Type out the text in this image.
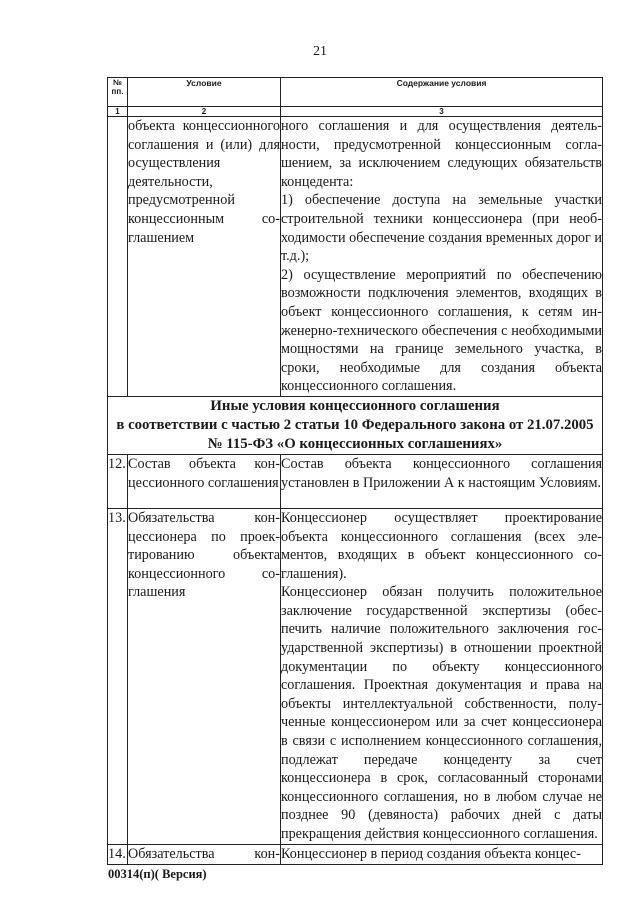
21
№
пп.	Условие	Содержание условия
1	2	3

	объекта концессионного соглашения и (или) для осуществления деятельности, предусмотренной концессионным соглашением	ного соглашения и для осуществления деятельности, предусмотренной концессионным соглашением, за исключением следующих обязательств концедента:
1) обеспечение доступа на земельные участки строительной техники концессионера (при необходимости обеспечение создания временных дорог и т.д.);
2) осуществление мероприятий по обеспечению возможности подключения элементов, входящих в объект концессионного соглашения, к сетям инженерно-технического обеспечения с необходимыми мощностями на границе земельного участка, в сроки, необходимые для создания объекта концессионного соглашения.

Иные условия концессионного соглашения
в соответствии с частью 2 статьи 10 Федерального закона от 21.07.2005
№ 115-ФЗ «О концессионных соглашениях»		

12.	Состав объекта концессионного соглашения	Состав объекта концессионного соглашения установлен в Приложении А к настоящим Условиям.

13.	Обязательства концессионера по проектированию объекта концессионного соглашения	Концессионер осуществляет проектирование объекта концессионного соглашения (всех элементов, входящих в объект концессионного соглашения).
Концессионер обязан получить положительное заключение государственной экспертизы (обеспечить наличие положительного заключения государственной экспертизы) в отношении проектной документации по объекту концессионного соглашения. Проектная документация и права на объекты интеллектуальной собственности, полученные концессионером или за счет концессионера в связи с исполнением концессионного соглашения, подлежат передаче концеденту за счет концессионера в срок, согласованный сторонами концессионного соглашения, но в любом случае не позднее 90 (девяноста) рабочих дней с даты прекращения действия концессионного соглашения.

14.	Обязательства кон-	Концессионер в период создания объекта концес-
00314(п)( Версия)
